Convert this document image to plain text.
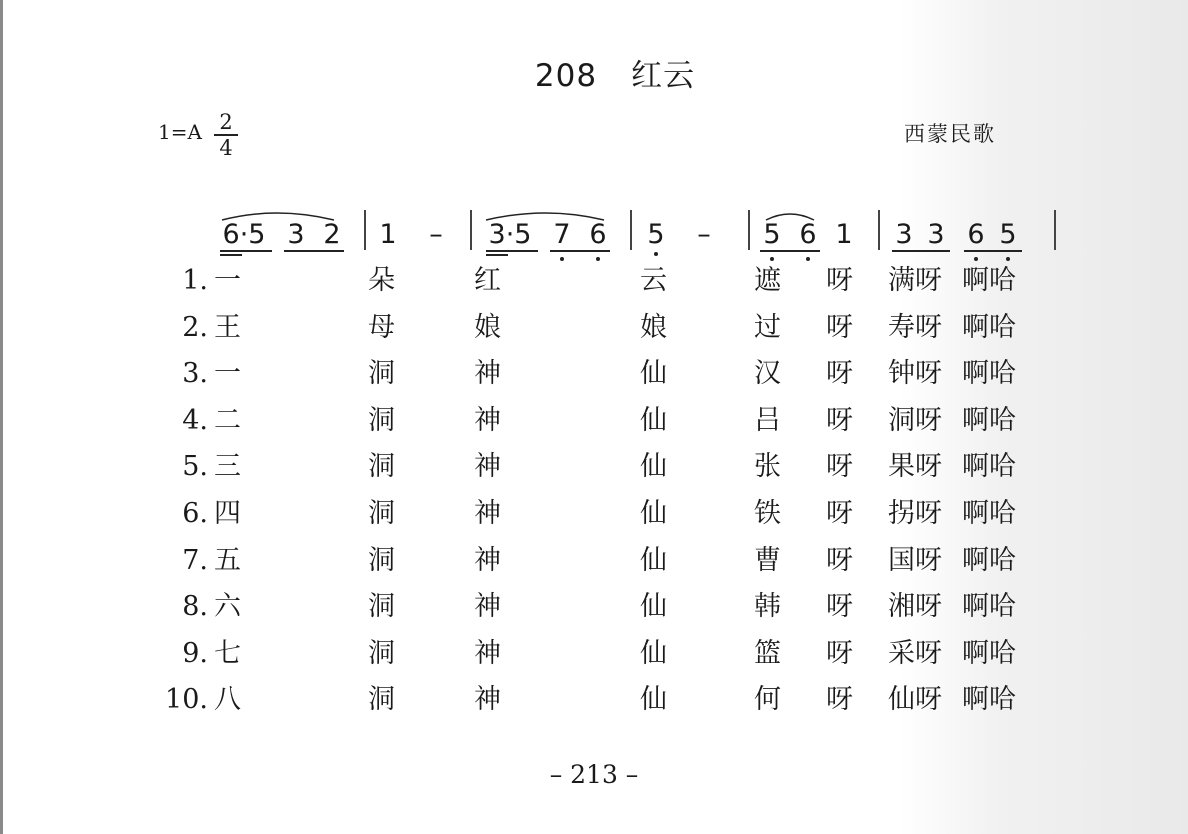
208 红云
1=A 2
4
西蒙民歌
6·5 3 2 1 – 3·5 7 6 5 – 5 6 1 3 3 6 5
1. 一	朵	红	云	遮 呀 满呀 啊哈
2. 王	母	娘	娘	过 呀 寿呀 啊哈
3. 一	洞	神	仙	汉 呀 钟呀 啊哈
4. 二	洞	神	仙	吕 呀 洞呀 啊哈
5. 三	洞	神	仙	张 呀 果呀 啊哈
6. 四	洞	神	仙	铁 呀 拐呀 啊哈
7. 五	洞	神	仙	曹 呀 国呀 啊哈
8. 六	洞	神	仙	韩 呀 湘呀 啊哈
9. 七	洞	神	仙	篮 呀 采呀 啊哈
10. 八	洞	神	仙	何 呀 仙呀 啊哈
– 213 –
